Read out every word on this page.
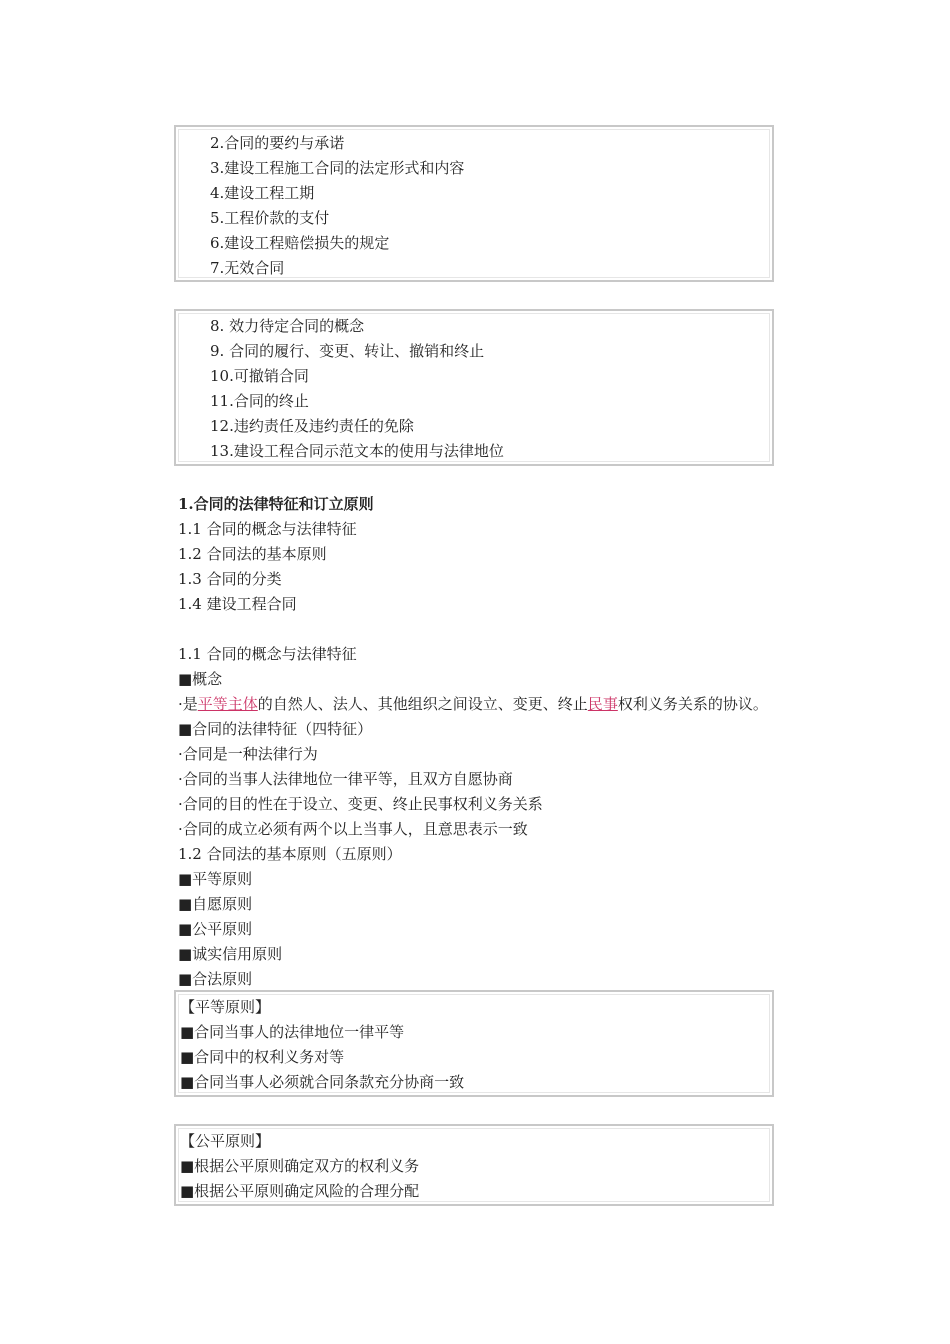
2.合同的要约与承诺
3.建设工程施工合同的法定形式和内容
4.建设工程工期
5.工程价款的支付
6.建设工程赔偿损失的规定
7.无效合同
8. 效力待定合同的概念
9. 合同的履行、变更、转让、撤销和终止
10.可撤销合同
11.合同的终止
12.违约责任及违约责任的免除
13.建设工程合同示范文本的使用与法律地位
1.合同的法律特征和订立原则
1.1 合同的概念与法律特征
1.2 合同法的基本原则
1.3 合同的分类
1.4 建设工程合同
1.1 合同的概念与法律特征
■概念
·是平等主体的自然人、法人、其他组织之间设立、变更、终止民事权利义务关系的协议。
■合同的法律特征（四特征）
·合同是一种法律行为
·合同的当事人法律地位一律平等，且双方自愿协商
·合同的目的性在于设立、变更、终止民事权利义务关系
·合同的成立必须有两个以上当事人，且意思表示一致
1.2 合同法的基本原则（五原则）
■平等原则
■自愿原则
■公平原则
■诚实信用原则
■合法原则
【平等原则】
■合同当事人的法律地位一律平等
■合同中的权利义务对等
■合同当事人必须就合同条款充分协商一致
【公平原则】
■根据公平原则确定双方的权利义务
■根据公平原则确定风险的合理分配
